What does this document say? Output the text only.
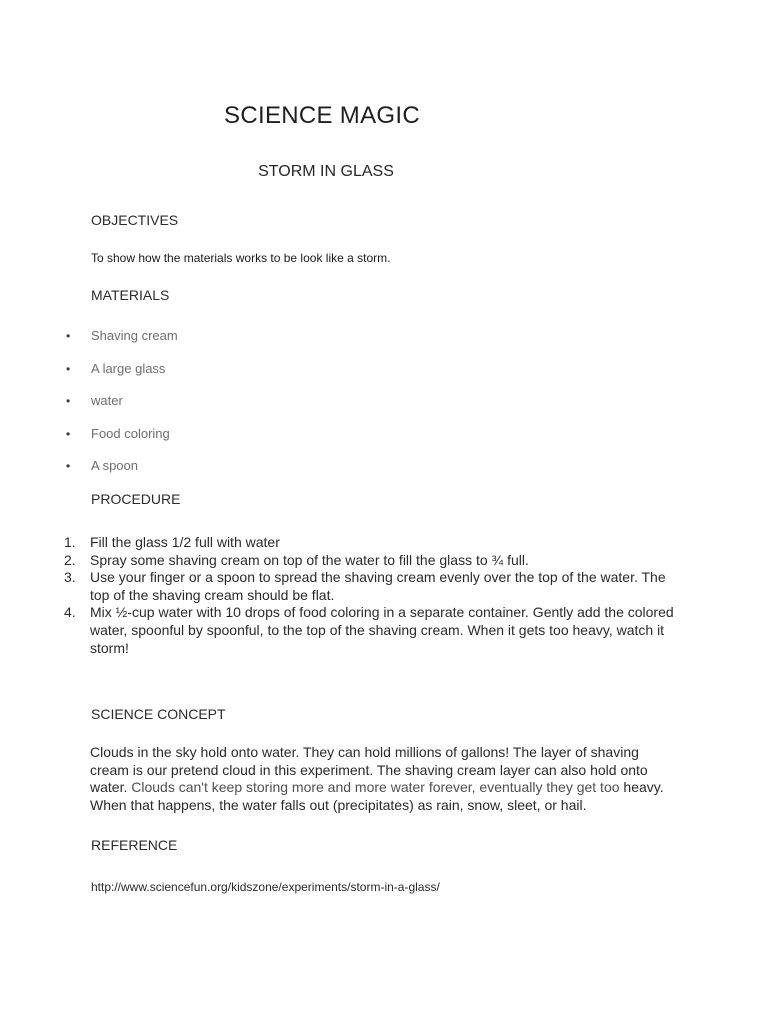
SCIENCE MAGIC
STORM IN GLASS
OBJECTIVES
To show how the materials works to be look like a storm.
MATERIALS
• Shaving cream
• A large glass
• water
• Food coloring
• A spoon
PROCEDURE
1. Fill the glass 1/2 full with water
2. Spray some shaving cream on top of the water to fill the glass to ¾ full.
3. Use your finger or a spoon to spread the shaving cream evenly over the top of the water. The top of the shaving cream should be flat.
4. Mix ½-cup water with 10 drops of food coloring in a separate container. Gently add the colored water, spoonful by spoonful, to the top of the shaving cream. When it gets too heavy, watch it storm!
SCIENCE CONCEPT
Clouds in the sky hold onto water. They can hold millions of gallons! The layer of shaving cream is our pretend cloud in this experiment. The shaving cream layer can also hold onto water. Clouds can't keep storing more and more water forever, eventually they get too heavy. When that happens, the water falls out (precipitates) as rain, snow, sleet, or hail.
REFERENCE
http://www.sciencefun.org/kidszone/experiments/storm-in-a-glass/
